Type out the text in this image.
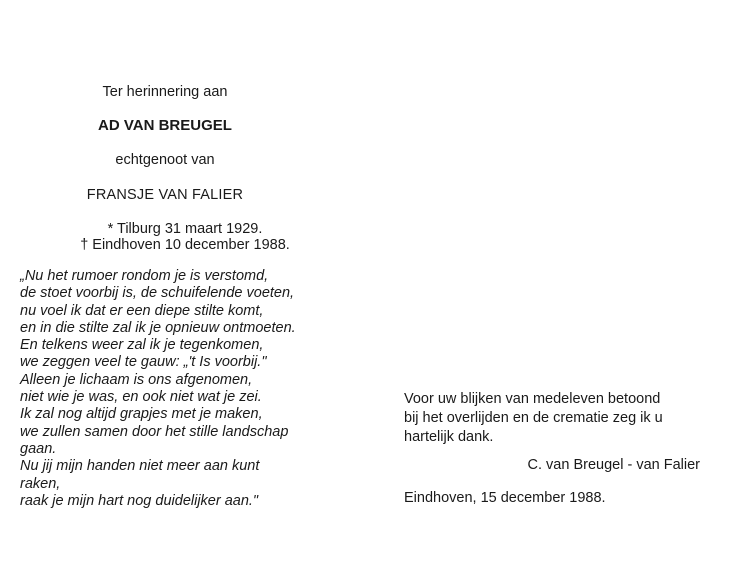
Ter herinnering aan
AD VAN BREUGEL
echtgenoot van
FRANSJE VAN FALIER
* Tilburg 31 maart 1929.
† Eindhoven 10 december 1988.
„Nu het rumoer rondom je is verstomd,
de stoet voorbij is, de schuifelende voeten,
nu voel ik dat er een diepe stilte komt,
en in die stilte zal ik je opnieuw ontmoeten.
En telkens weer zal ik je tegenkomen,
we zeggen veel te gauw: „'t Is voorbij."
Alleen je lichaam is ons afgenomen,
niet wie je was, en ook niet wat je zei.
Ik zal nog altijd grapjes met je maken,
we zullen samen door het stille landschap
gaan.
Nu jij mijn handen niet meer aan kunt
raken,
raak je mijn hart nog duidelijker aan."
Voor uw blijken van medeleven betoond
bij het overlijden en de crematie zeg ik u
hartelijk dank.
C. van Breugel - van Falier
Eindhoven, 15 december 1988.
